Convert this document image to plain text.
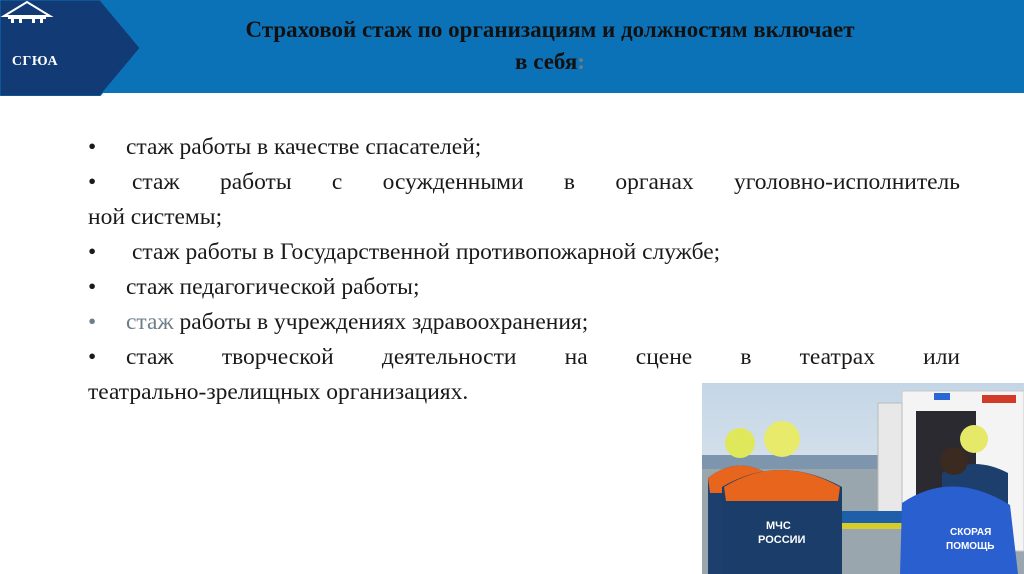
СГЮА
Страховой стаж по организациям и должностям включает
в себя:
• стаж работы в качестве спасателей;
• стаж работы с осужденными в органах уголовно-исполнитель
ной системы;
• стаж работы в Государственной противопожарной службе;
• стаж педагогической работы;
• стаж работы в учреждениях здравоохранения;
• стаж творческой деятельности на сцене в театрах или
театрально-зрелищных организациях.
МЧС
РОССИИ
СКОРАЯ
ПОМОЩЬ
